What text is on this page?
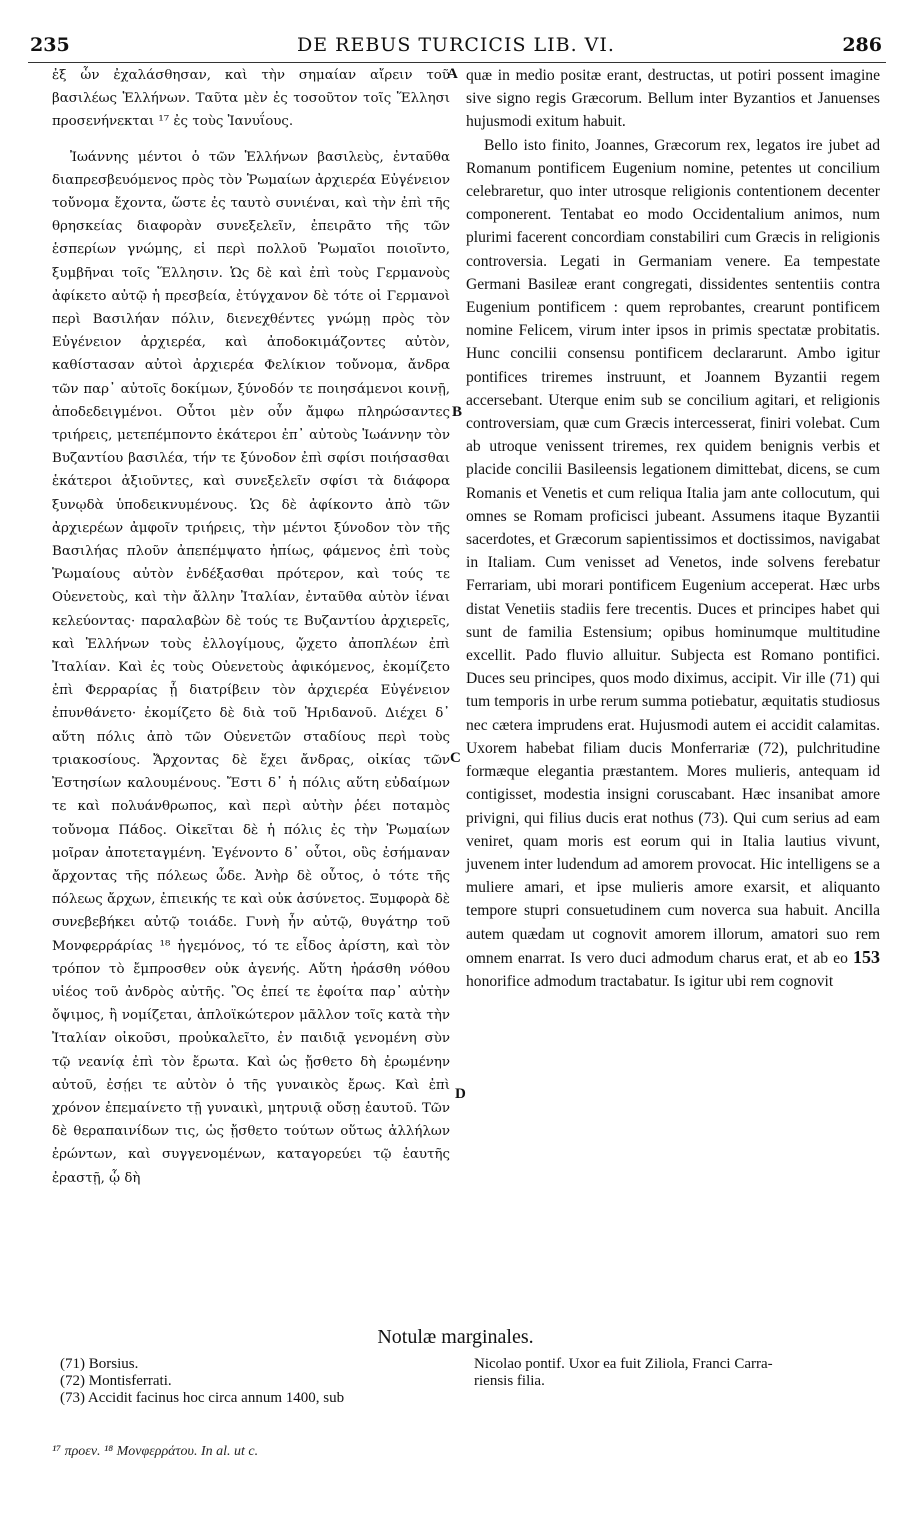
235	DE REBUS TURCICIS LIB. VI.	286
A
B
C
D

ἐξ ὧν ἐχαλάσθησαν, καὶ τὴν σημαίαν αἴρειν τοῦ βασιλέως Ἑλλήνων. Ταῦτα μὲν ἐς τοσοῦτον τοῖς Ἕλλησι προσενήνεκται ¹⁷ ἐς τοὺς Ἰανυΐους.

Ἰωάννης μέντοι ὁ τῶν Ἑλλήνων βασιλεὺς, ἐνταῦθα διαπρεσβευόμενος πρὸς τὸν Ῥωμαίων ἀρχιερέα Εὐγένειον τοὔνομα ἔχοντα, ὥστε ἐς ταυτὸ συνιέναι, καὶ τὴν ἐπὶ τῆς θρησκείας διαφορὰν συνεξελεῖν, ἐπειρᾶτο τῆς τῶν ἑσπερίων γνώμης, εἰ περὶ πολλοῦ Ῥωμαῖοι ποιοῖντο, ξυμβῆναι τοῖς Ἕλλησιν. Ὡς δὲ καὶ ἐπὶ τοὺς Γερμανοὺς ἀφίκετο αὐτῷ ἡ πρεσβεία, ἐτύγχανον δὲ τότε οἱ Γερμανοὶ περὶ Βασιλήαν πόλιν, διενεχθέντες γνώμῃ πρὸς τὸν Εὐγένειον ἀρχιερέα, καὶ ἀποδοκιμάζοντες αὐτὸν, καθίστασαν αὐτοὶ ἀρχιερέα Φελίκιον τοὔνομα, ἄνδρα τῶν παρ᾽ αὐτοῖς δοκίμων, ξύνοδόν τε ποιησάμενοι κοινῇ, ἀποδεδειγμένοι. Οὗτοι μὲν οὖν ἄμφω πληρώσαντες τριήρεις, μετεπέμποντο ἑκάτεροι ἐπ᾽ αὐτοὺς Ἰωάννην τὸν Βυζαντίου βασιλέα, τήν τε ξύνοδον ἐπὶ σφίσι ποιήσασθαι ἑκάτεροι ἀξιοῦντες, καὶ συνεξελεῖν σφίσι τὰ διάφορα ξυνῳδὰ ὑποδεικνυμένους. Ὡς δὲ ἀφίκοντο ἀπὸ τῶν ἀρχιερέων ἀμφοῖν τριήρεις, τὴν μέντοι ξύνοδον τὸν τῆς Βασιλήας πλοῦν ἀπεπέμψατο ἠπίως, φάμενος ἐπὶ τοὺς Ῥωμαίους αὐτὸν ἐνδέξασθαι πρότερον, καὶ τούς τε Οὐενετοὺς, καὶ τὴν ἄλλην Ἰταλίαν, ἐνταῦθα αὐτὸν ἰέναι κελεύοντας· παραλαβὼν δὲ τούς τε Βυζαντίου ἀρχιερεῖς, καὶ Ἑλλήνων τοὺς ἐλλογίμους, ᾤχετο ἀποπλέων ἐπὶ Ἰταλίαν. Καὶ ἐς τοὺς Οὐενετοὺς ἀφικόμενος, ἐκομίζετο ἐπὶ Φερραρίας ᾗ διατρίβειν τὸν ἀρχιερέα Εὐγένειον ἐπυνθάνετο· ἐκομίζετο δὲ διὰ τοῦ Ἠριδανοῦ. Διέχει δ᾽ αὕτη πόλις ἀπὸ τῶν Οὐενετῶν σταδίους περὶ τοὺς τριακοσίους. Ἄρχοντας δὲ ἔχει ἄνδρας, οἰκίας τῶν Ἐστησίων καλουμένους. Ἔστι δ᾽ ἡ πόλις αὕτη εὐδαίμων τε καὶ πολυάνθρωπος, καὶ περὶ αὐτὴν ῥέει ποταμὸς τοὔνομα Πάδος. Οἰκεῖται δὲ ἡ πόλις ἐς τὴν Ῥωμαίων μοῖραν ἀποτεταγμένη. Ἐγένοντο δ᾽ οὗτοι, οὓς ἐσήμαναν ἄρχοντας τῆς πόλεως ὧδε. Ἀνὴρ δὲ οὗτος, ὁ τότε τῆς πόλεως ἄρχων, ἐπιεικής τε καὶ οὐκ ἀσύνετος. Ξυμφορὰ δὲ συνεβεβήκει αὐτῷ τοιάδε. Γυνὴ ἦν αὐτῷ, θυγάτηρ τοῦ Μονφερράρίας ¹⁸ ἡγεμόνος, τό τε εἶδος ἀρίστη, καὶ τὸν τρόπον τὸ ἔμπροσθεν οὐκ ἀγενής. Αὕτη ἠράσθη νόθου υἱέος τοῦ ἀνδρὸς αὐτῆς. Ὃς ἐπεί τε ἐφοίτα παρ᾽ αὐτὴν ὄψιμος, ἢ νομίζεται, ἁπλοϊκώτερον μᾶλλον τοῖς κατὰ τὴν Ἰταλίαν οἰκοῦσι, προὐκαλεῖτο, ἐν παιδιᾷ γενομένη σὺν τῷ νεανίᾳ ἐπὶ τὸν ἔρωτα. Καὶ ὡς ᾔσθετο δὴ ἐρωμένην αὐτοῦ, ἐσῄει τε αὐτὸν ὁ τῆς γυναικὸς ἔρως. Καὶ ἐπὶ χρόνον ἐπεμαίνετο τῇ γυναικὶ, μητρυιᾷ οὔσῃ ἑαυτοῦ. Τῶν δὲ θεραπαινίδων τις, ὡς ᾔσθετο τούτων οὕτως ἀλλήλων ἐρώντων, καὶ συγγενομένων, καταγορεύει τῷ ἑαυτῆς ἐραστῇ, ᾧ δὴ

quæ in medio positæ erant, destructas, ut potiri possent imagine sive signo regis Græcorum. Bellum inter Byzantios et Januenses hujusmodi exitum habuit.

Bello isto finito, Joannes, Græcorum rex, legatos ire jubet ad Romanum pontificem Eugenium nomine, petentes ut concilium celebraretur, quo inter utrosque religionis contentionem decenter componerent. Tentabat eo modo Occidentalium animos, num plurimi facerent concordiam constabiliri cum Græcis in religionis controversia. Legati in Germaniam venere. Ea tempestate Germani Basileæ erant congregati, dissidentes sententiis contra Eugenium pontificem : quem reprobantes, crearunt pontificem nomine Felicem, virum inter ipsos in primis spectatæ probitatis. Hunc concilii consensu pontificem declararunt. Ambo igitur pontifices triremes instruunt, et Joannem Byzantii regem accersebant. Uterque enim sub se concilium agitari, et religionis controversiam, quæ cum Græcis intercesserat, finiri volebat. Cum ab utroque venissent triremes, rex quidem benignis verbis et placide concilii Basileensis legationem dimittebat, dicens, se cum Romanis et Venetis et cum reliqua Italia jam ante collocutum, qui omnes se Romam proficisci jubeant. Assumens itaque Byzantii sacerdotes, et Græcorum sapientissimos et doctissimos, navigabat in Italiam. Cum venisset ad Venetos, inde solvens ferebatur Ferrariam, ubi morari pontificem Eugenium acceperat. Hæc urbs distat Venetiis stadiis fere trecentis. Duces et principes habet qui sunt de familia Estensium; opibus hominumque multitudine excellit. Pado fluvio alluitur. Subjecta est Romano pontifici. Duces seu principes, quos modo diximus, accipit. Vir ille (71) qui tum temporis in urbe rerum summa potiebatur, æquitatis studiosus nec cætera imprudens erat. Hujusmodi autem ei accidit calamitas. Uxorem habebat filiam ducis Monferrariæ (72), pulchritudine formæque elegantia præstantem. Mores mulieris, antequam id contigisset, modestia insigni coruscabant. Hæc insanibat amore privigni, qui filius ducis erat nothus (73). Qui cum serius ad eam veniret, quam moris est eorum qui in Italia lautius vivunt, juvenem inter ludendum ad amorem provocat. Hic intelligens se a muliere amari, et ipse mulieris amore exarsit, et aliquanto tempore stupri consuetudinem cum noverca sua habuit. Ancilla autem quædam ut cognovit amorem illorum, amatori suo rem omnem enarrat. Is vero duci admodum charus erat, et ab eo 153 honorifice admodum tractabatur. Is igitur ubi rem cognovit

Notulæ marginales.
(71) Borsius.
(72) Montisferrati.
(73) Accidit facinus hoc circa annum 1400, sub
Nicolao pontif. Uxor ea fuit Ziliola, Franci Carra-
riensis filia.
¹⁷ προεν. ¹⁸ Μονφερράτου. In al. ut c.
